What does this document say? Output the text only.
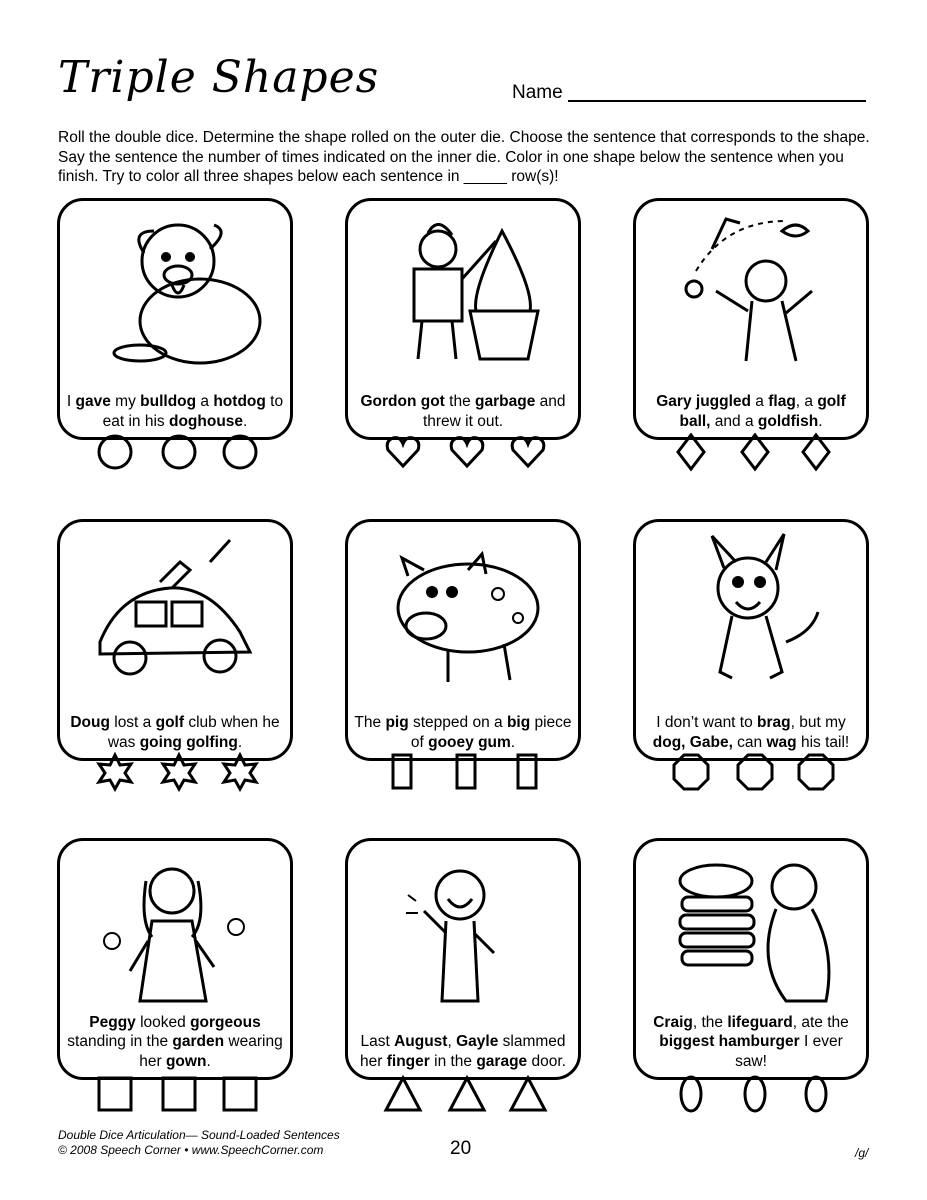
Triple Shapes	Name
Roll the double dice. Determine the shape rolled on the outer die. Choose the sentence that corresponds to the shape. Say the sentence the number of times indicated on the inner die. Color in one shape below the sentence when you finish. Try to color all three shapes below each sentence in _____ row(s)!
I gave my bulldog a hotdog to eat in his doghouse.
Gordon got the garbage and threw it out.
Gary juggled a flag, a golf ball, and a goldfish.
Doug lost a golf club when he was going golfing.
The pig stepped on a big piece of gooey gum.
I don’t want to brag, but my dog, Gabe, can wag his tail!
Peggy looked gorgeous standing in the garden wearing her gown.
Last August, Gayle slammed her finger in the garage door.
Craig, the lifeguard, ate the biggest hamburger I ever saw!
Double Dice Articulation— Sound-Loaded Sentences
© 2008 Speech Corner • www.SpeechCorner.com	20	/g/
